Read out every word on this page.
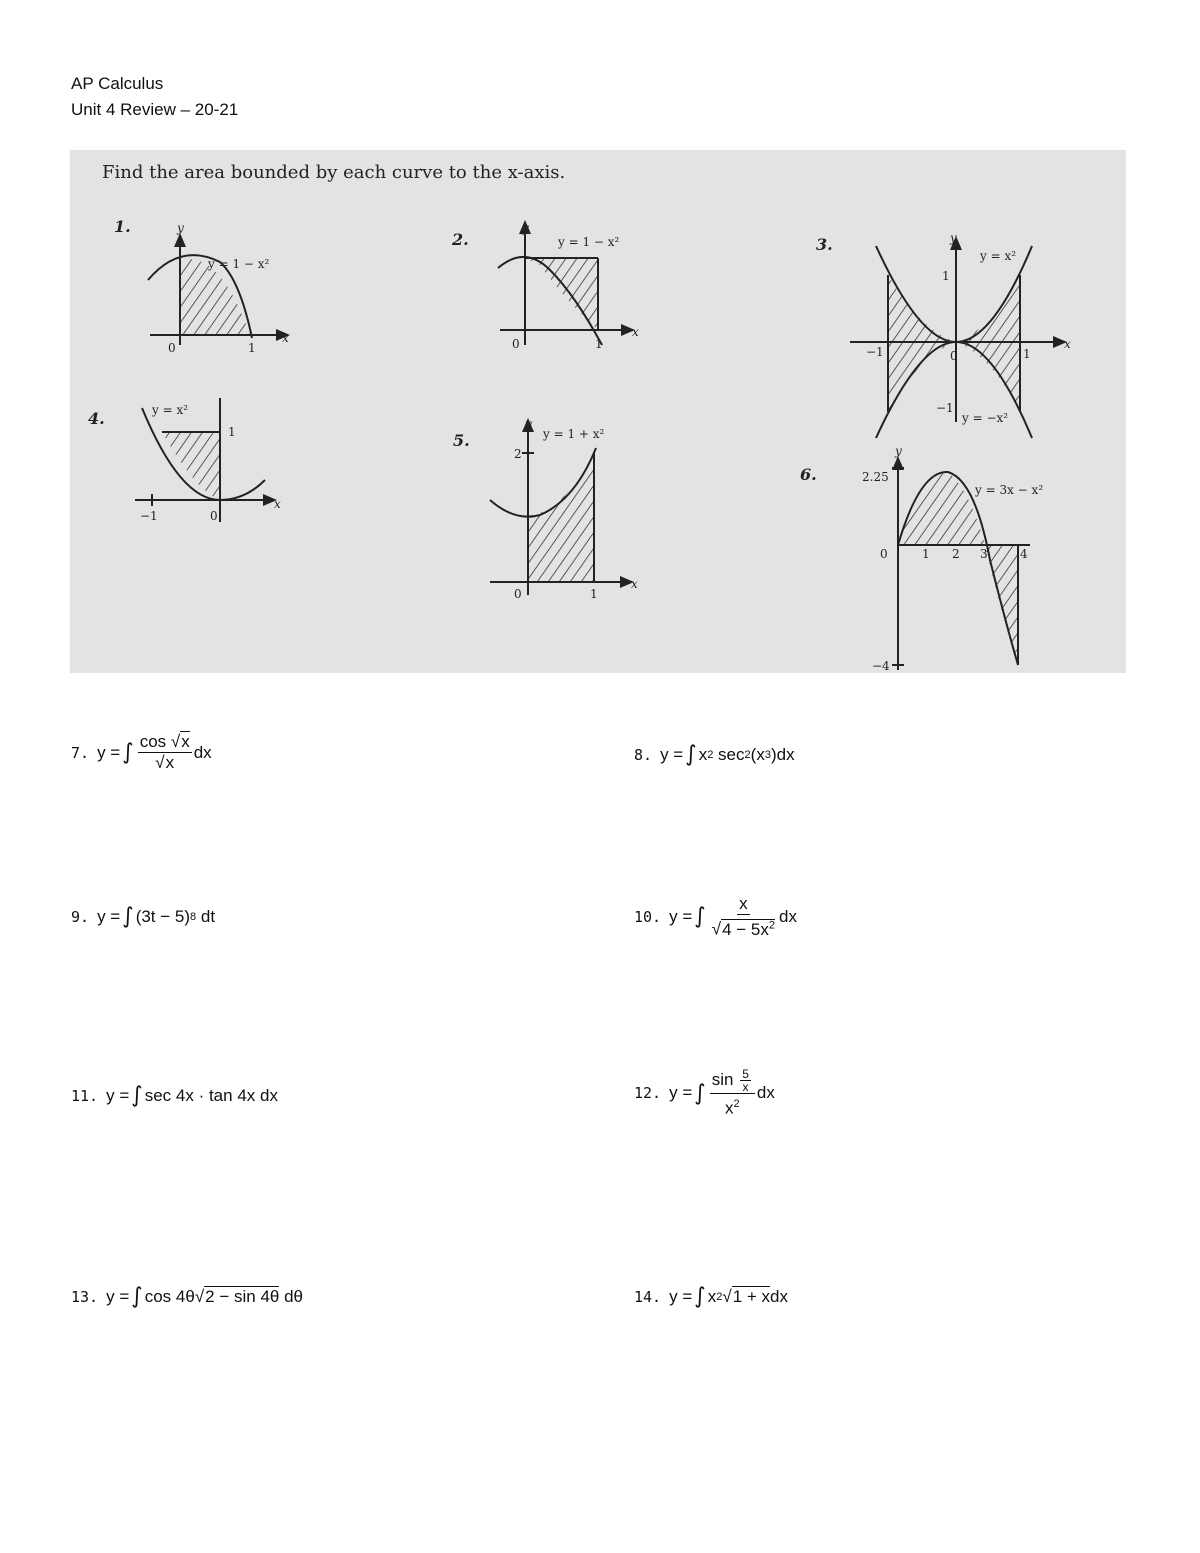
AP Calculus
Unit 4 Review – 20-21
Find the area bounded by each curve to the x-axis.
1.	y
x
y = 1 − x²
0	1
2.
y
x
y = 1 − x²
0	1
3.	y
x
y = x²
y = −x²
1
−1
0
−1	1
4.
x
y = x²
−1	0
1	5.
y
x
y = 1 + x²
2
0	1
6.
y
y = 3x − x²
2.25
0	1 2 3	4
−4
7. y = ∫ $\frac{\cos √x}{√x}$ dx	8. y = ∫ x 2
sec 2 ( x 3 ) dx
9. y = ∫ (3t − 5) 8
dt	10. y = ∫ $\frac{x}{√4 - 5x^2}$ dx
11. y = ∫ sec 4x · tan 4x dx	12. y = ∫ $\frac{\sin \frac{5}{x}}{x^2}$ dx
13. y = ∫ cos 4θ √ 2 − sin 4θ
dθ	14. y = ∫ x 2 √ 1 + x dx
